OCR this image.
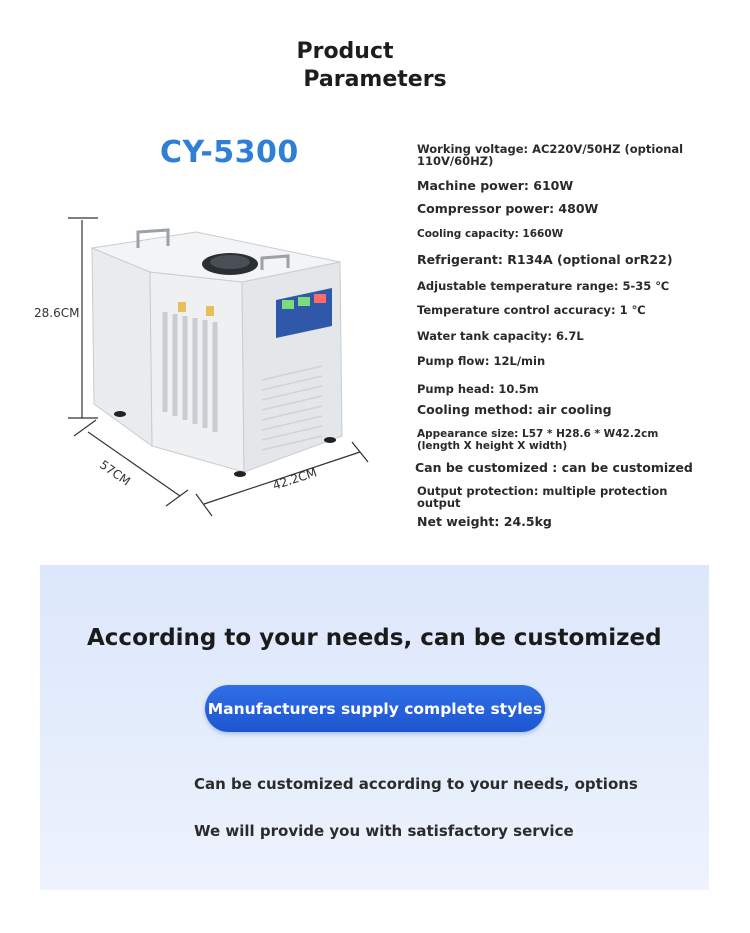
Product
Parameters
CY-5300
28.6CM
57CM	42.2CM
Working voltage: AC220V/50HZ (optional 110V/60HZ)
Machine power: 610W
Compressor power: 480W
Cooling capacity: 1660W
Refrigerant: R134A (optional orR22)
Adjustable temperature range: 5-35 ℃
Temperature control accuracy: 1 ℃
Water tank capacity: 6.7L
Pump flow: 12L/min
Pump head: 10.5m
Cooling method: air cooling
Appearance size: L57 * H28.6 * W42.2cm (length X height X width)
Can be customized : can be customized
Output protection: multiple protection output
Net weight: 24.5kg
According to your needs, can be customized
Manufacturers supply complete styles
Can be customized according to your needs, options
We will provide you with satisfactory service
